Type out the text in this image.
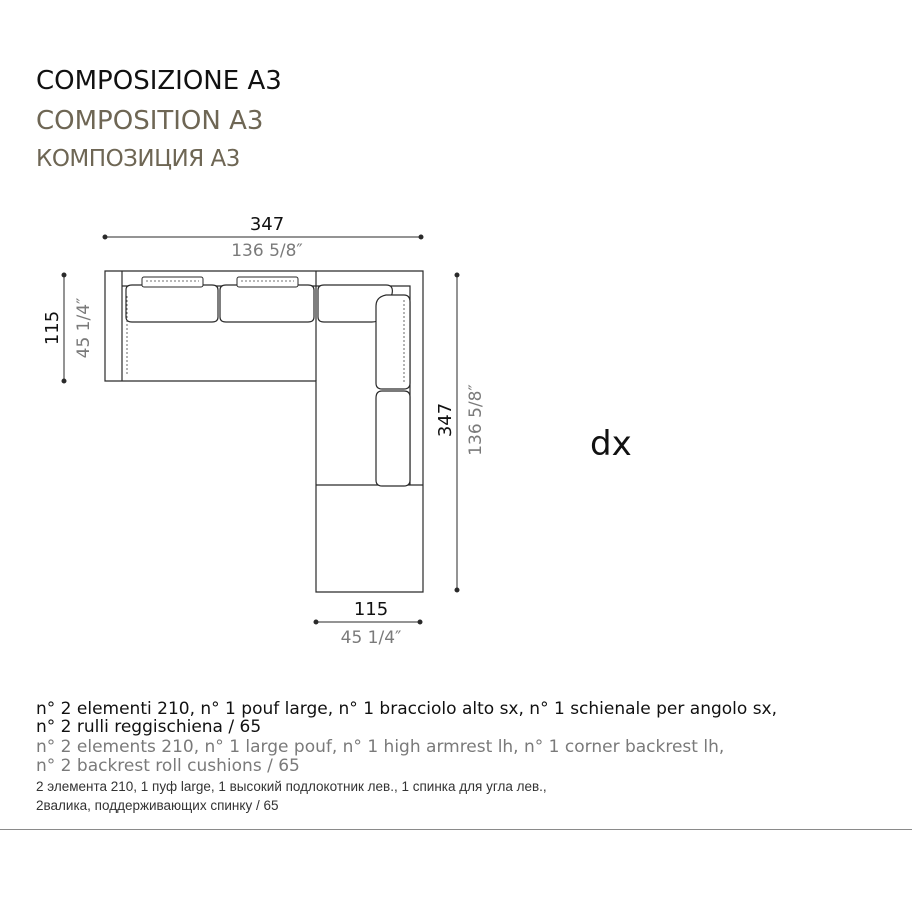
COMPOSIZIONE A3
COMPOSITION A3
КОМПОЗИЦИЯ A3
347
136 5/8″
115 45 1/4″
347 136 5/8″
115
45 1/4″
dx
n° 2 elementi 210, n° 1 pouf large, n° 1 bracciolo alto sx, n° 1 schienale per angolo sx,
n° 2 rulli reggischiena / 65
n° 2 elements 210, n° 1 large pouf, n° 1 high armrest lh, n° 1 corner backrest lh,
n° 2 backrest roll cushions / 65
2 элемента 210, 1 пуф large, 1 высокий подлокотник лев., 1 спинка для угла лев.,
2валика, поддерживающих спинку / 65
